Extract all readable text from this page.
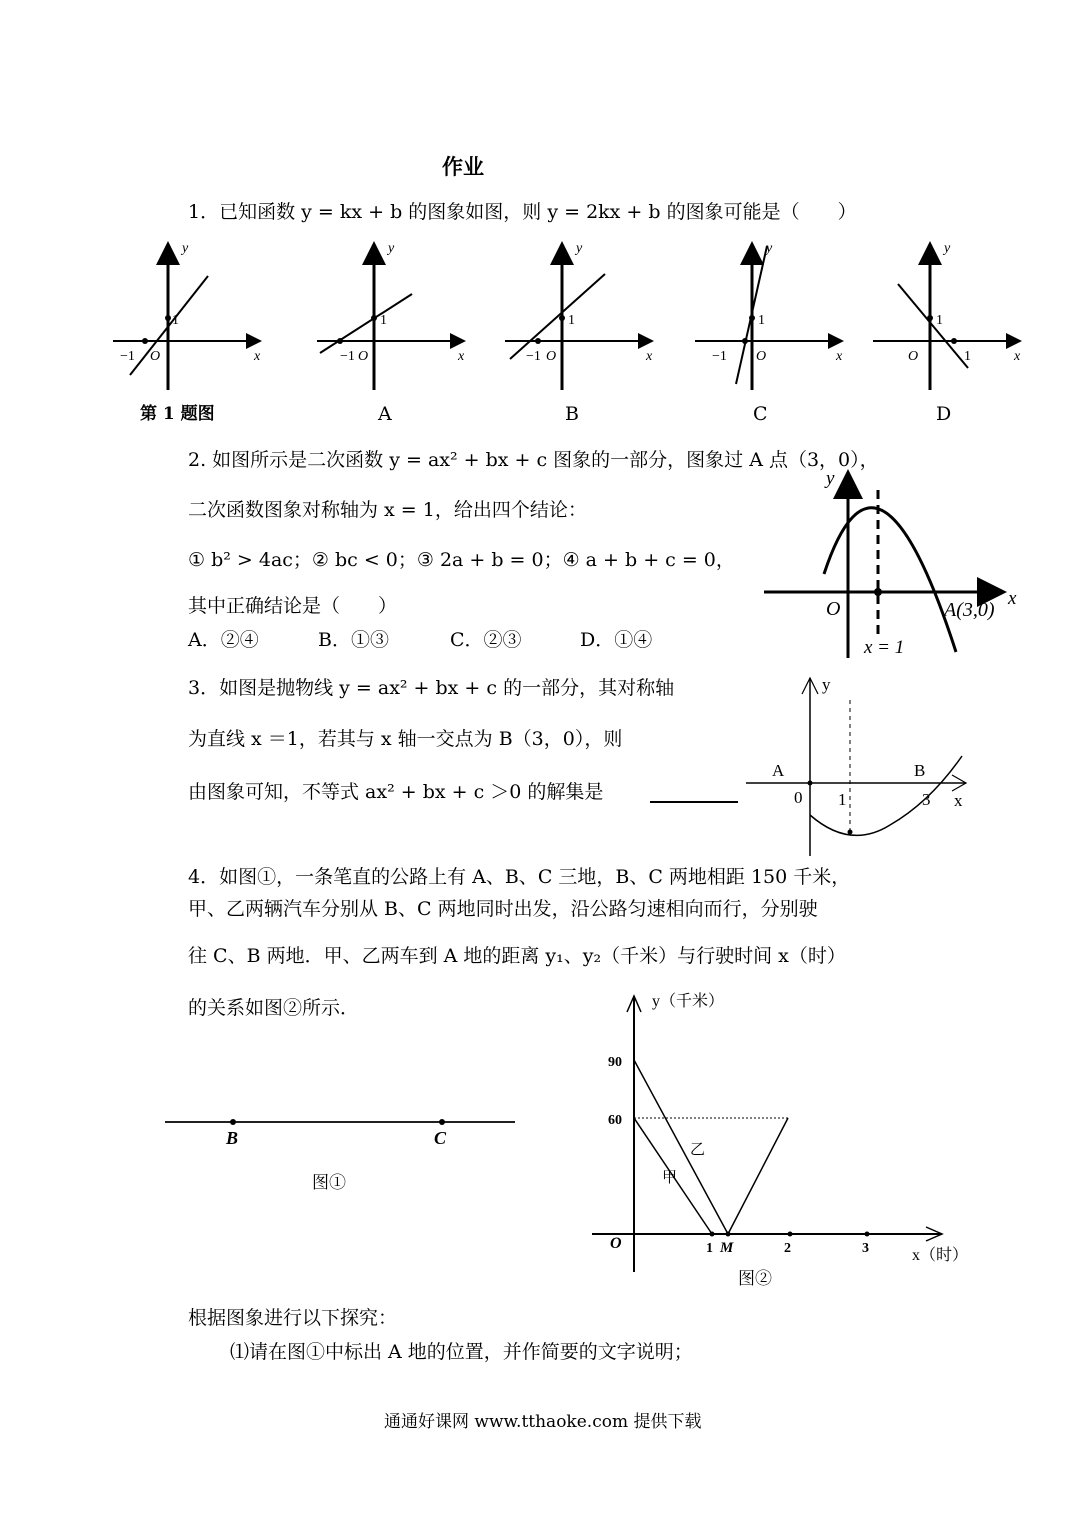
作业
1．已知函数 y = kx + b 的图象如图，则 y = 2kx + b 的图象可能是（　　）
x
y
1
−1 O
第 1 题图
x
y
1
−1 O
A
x
y
1
−1 O
B
x
y
1
−1 O
C
x
y
1
1
O
D
2. 如图所示是二次函数 y = ax² + bx + c 图象的一部分，图象过 A 点（3，0），
二次函数图象对称轴为 x = 1，给出四个结论：
① b² > 4ac；② bc < 0；③ 2a + b = 0；④ a + b + c = 0，
其中正确结论是（　　）
A．②④	B．①③	C．②③	D．①④
O	A(3,0)
x = 1
x
y
3．如图是抛物线 y = ax² + bx + c 的一部分，其对称轴
为直线 x ＝1，若其与 x 轴一交点为 B（3，0），则
由图象可知，不等式 ax² + bx + c ＞0 的解集是
A	B
0 1	3 x
y
4．如图①，一条笔直的公路上有 A、B、C 三地，B、C 两地相距 150 千米，
甲、乙两辆汽车分别从 B、C 两地同时出发，沿公路匀速相向而行，分别驶
往 C、B 两地．甲、乙两车到 A 地的距离 y₁、y₂（千米）与行驶时间 x（时）
的关系如图②所示．
B	C
图①
y（千米）
x（时）
O
90
60
1	2	3
M
乙
甲
图②
根据图象进行以下探究：
⑴请在图①中标出 A 地的位置，并作简要的文字说明；
通通好课网 www.tthaoke.com 提供下载
